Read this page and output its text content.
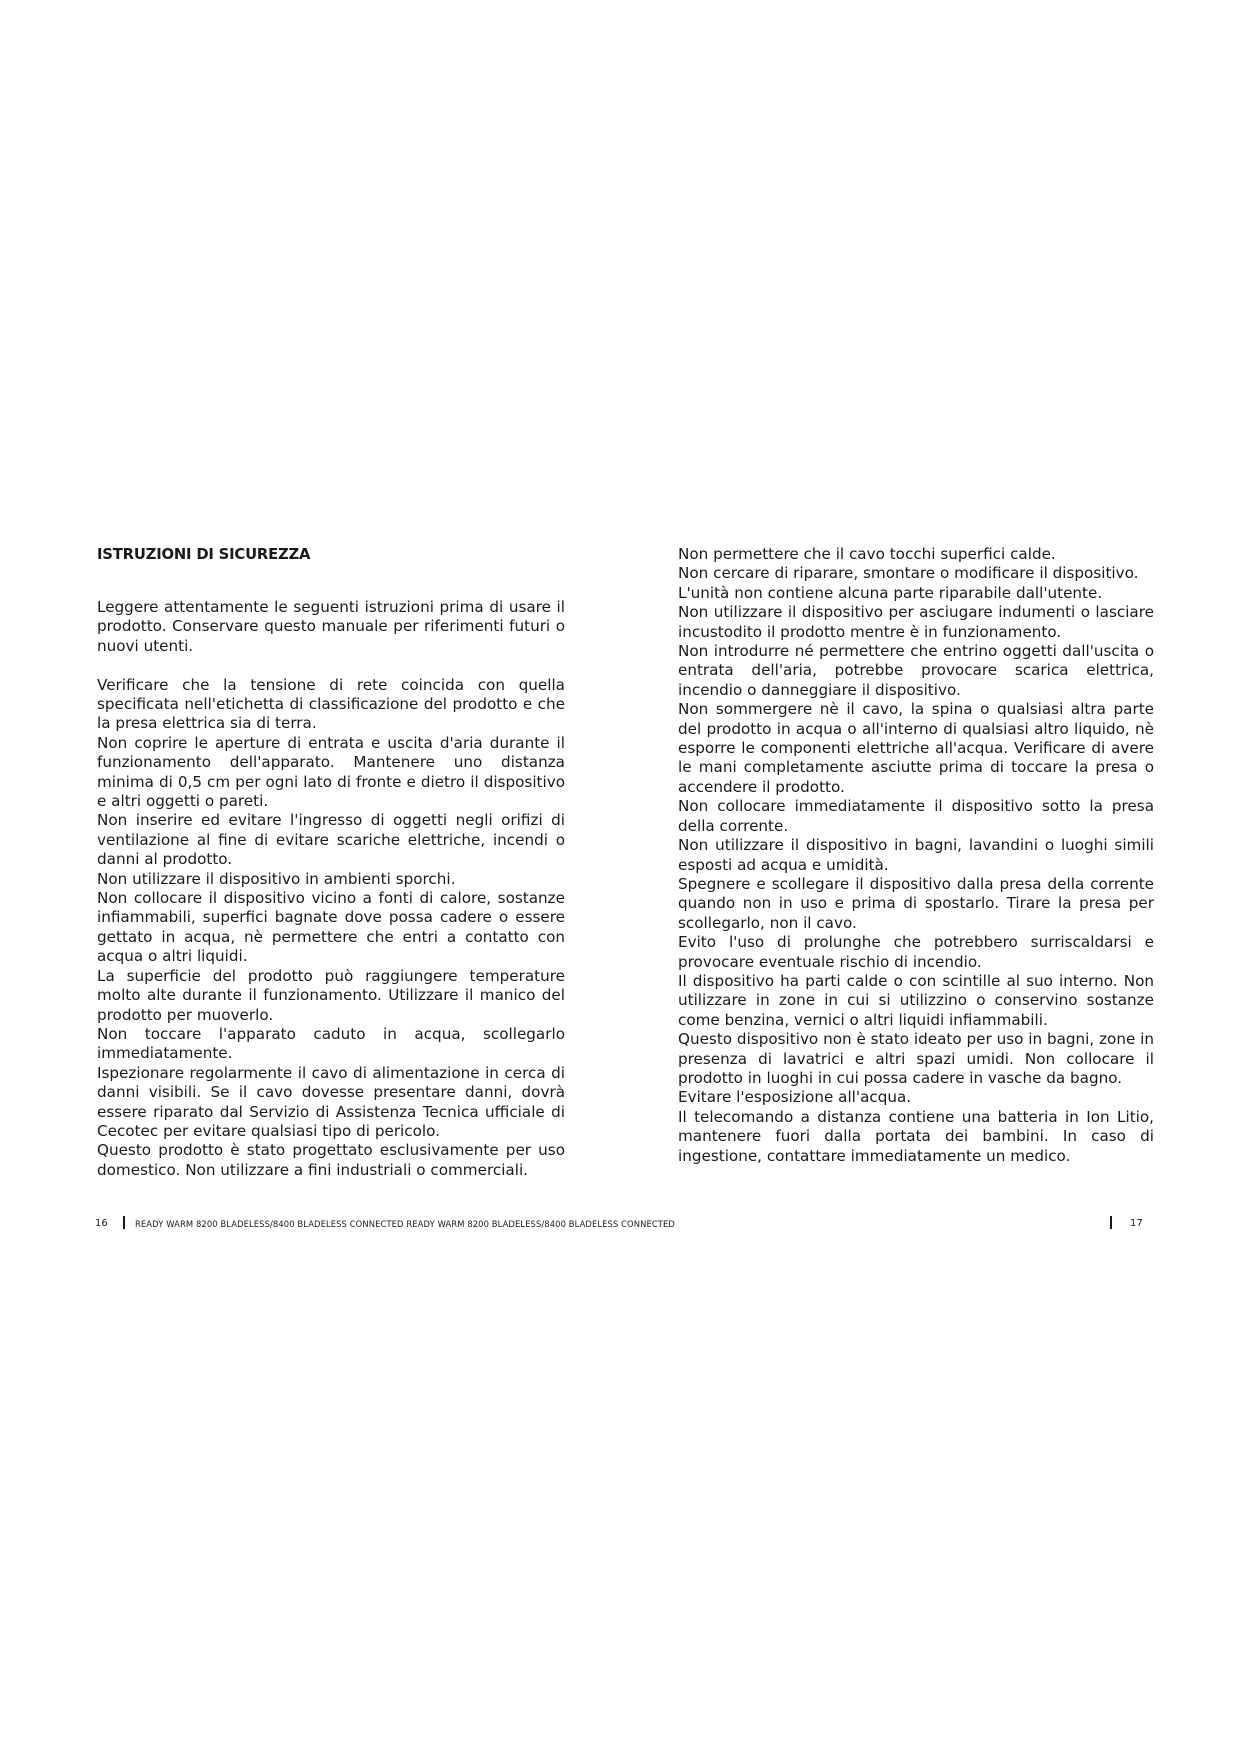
ISTRUZIONI DI SICUREZZA

Leggere attentamente le seguenti istruzioni prima di usare il prodotto. Conservare questo manuale per riferimenti futuri o nuovi utenti.

Verificare che la tensione di rete coincida con quella specificata nell'etichetta di classificazione del prodotto e che la presa elettrica sia di terra.

Non coprire le aperture di entrata e uscita d'aria durante il funzionamento dell'apparato. Mantenere uno distanza minima di 0,5 cm per ogni lato di fronte e dietro il dispositivo e altri oggetti o pareti.

Non inserire ed evitare l'ingresso di oggetti negli orifizi di ventilazione al fine di evitare scariche elettriche, incendi o danni al prodotto.

Non utilizzare il dispositivo in ambienti sporchi.

Non collocare il dispositivo vicino a fonti di calore, sostanze infiammabili, superfici bagnate dove possa cadere o essere gettato in acqua, nè permettere che entri a contatto con acqua o altri liquidi.

La superficie del prodotto può raggiungere temperature molto alte durante il funzionamento. Utilizzare il manico del prodotto per muoverlo.

Non toccare l'apparato caduto in acqua, scollegarlo immediatamente.

Ispezionare regolarmente il cavo di alimentazione in cerca di danni visibili. Se il cavo dovesse presentare danni, dovrà essere riparato dal Servizio di Assistenza Tecnica ufficiale di Cecotec per evitare qualsiasi tipo di pericolo.

Questo prodotto è stato progettato esclusivamente per uso domestico. Non utilizzare a fini industriali o commerciali.

Non permettere che il cavo tocchi superfici calde.

Non cercare di riparare, smontare o modificare il dispositivo.

L'unità non contiene alcuna parte riparabile dall'utente.

Non utilizzare il dispositivo per asciugare indumenti o lasciare incustodito il prodotto mentre è in funzionamento.

Non introdurre né permettere che entrino oggetti dall'uscita o entrata dell'aria, potrebbe provocare scarica elettrica, incendio o danneggiare il dispositivo.

Non sommergere nè il cavo, la spina o qualsiasi altra parte del prodotto in acqua o all'interno di qualsiasi altro liquido, nè esporre le componenti elettriche all'acqua. Verificare di avere le mani completamente asciutte prima di toccare la presa o accendere il prodotto.

Non collocare immediatamente il dispositivo sotto la presa della corrente.

Non utilizzare il dispositivo in bagni, lavandini o luoghi simili esposti ad acqua e umidità.

Spegnere e scollegare il dispositivo dalla presa della corrente quando non in uso e prima di spostarlo. Tirare la presa per scollegarlo, non il cavo.

Evito l'uso di prolunghe che potrebbero surriscaldarsi e provocare eventuale rischio di incendio.

Il dispositivo ha parti calde o con scintille al suo interno. Non utilizzare in zone in cui si utilizzino o conservino sostanze come benzina, vernici o altri liquidi infiammabili.

Questo dispositivo non è stato ideato per uso in bagni, zone in presenza di lavatrici e altri spazi umidi. Non collocare il prodotto in luoghi in cui possa cadere in vasche da bagno.

Evitare l'esposizione all'acqua.

Il telecomando a distanza contiene una batteria in Ion Litio, mantenere fuori dalla portata dei bambini. In caso di ingestione, contattare immediatamente un medico.

16	READY WARM 8200 BLADELESS/8400 BLADELESS CONNECTED READY WARM 8200 BLADELESS/8400 BLADELESS CONNECTED	17
